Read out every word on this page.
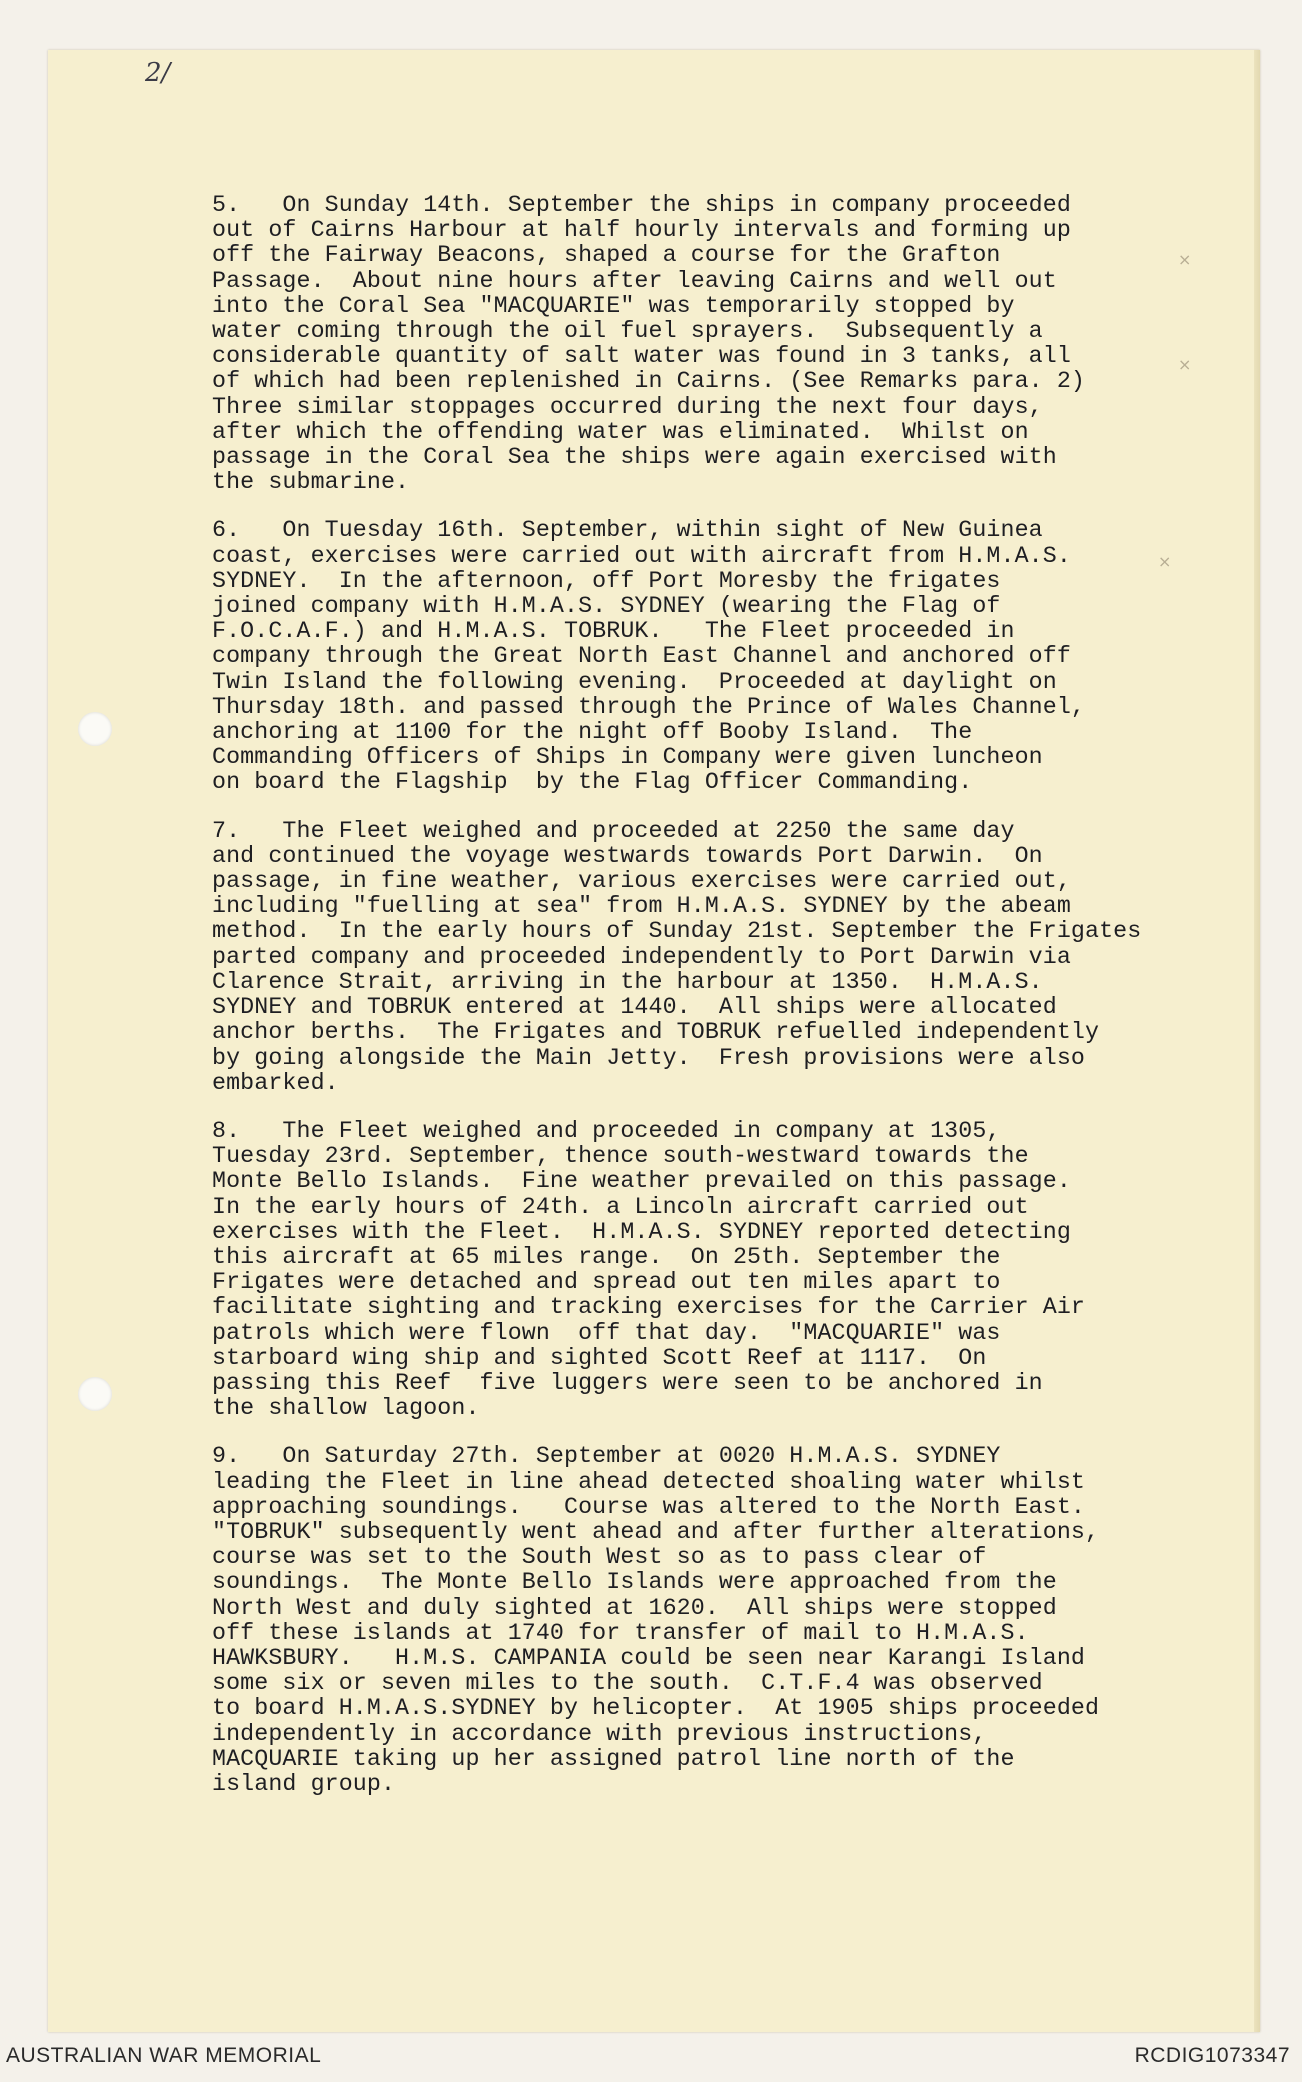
×
×
×
2/
5.   On Sunday 14th. September the ships in company proceeded
out of Cairns Harbour at half hourly intervals and forming up
off the Fairway Beacons, shaped a course for the Grafton
Passage.  About nine hours after leaving Cairns and well out
into the Coral Sea "MACQUARIE" was temporarily stopped by
water coming through the oil fuel sprayers.  Subsequently a
considerable quantity of salt water was found in 3 tanks, all
of which had been replenished in Cairns. (See Remarks para. 2)
Three similar stoppages occurred during the next four days,
after which the offending water was eliminated.  Whilst on
passage in the Coral Sea the ships were again exercised with
the submarine.
6.   On Tuesday 16th. September, within sight of New Guinea
coast, exercises were carried out with aircraft from H.M.A.S.
SYDNEY.  In the afternoon, off Port Moresby the frigates
joined company with H.M.A.S. SYDNEY (wearing the Flag of
F.O.C.A.F.) and H.M.A.S. TOBRUK.   The Fleet proceeded in
company through the Great North East Channel and anchored off
Twin Island the following evening.  Proceeded at daylight on
Thursday 18th. and passed through the Prince of Wales Channel,
anchoring at 1100 for the night off Booby Island.  The
Commanding Officers of Ships in Company were given luncheon
on board the Flagship  by the Flag Officer Commanding.
7.   The Fleet weighed and proceeded at 2250 the same day
and continued the voyage westwards towards Port Darwin.  On
passage, in fine weather, various exercises were carried out,
including "fuelling at sea" from H.M.A.S. SYDNEY by the abeam
method.  In the early hours of Sunday 21st. September the Frigates
parted company and proceeded independently to Port Darwin via
Clarence Strait, arriving in the harbour at 1350.  H.M.A.S.
SYDNEY and TOBRUK entered at 1440.  All ships were allocated
anchor berths.  The Frigates and TOBRUK refuelled independently
by going alongside the Main Jetty.  Fresh provisions were also
embarked.
8.   The Fleet weighed and proceeded in company at 1305,
Tuesday 23rd. September, thence south-westward towards the
Monte Bello Islands.  Fine weather prevailed on this passage.
In the early hours of 24th. a Lincoln aircraft carried out
exercises with the Fleet.  H.M.A.S. SYDNEY reported detecting
this aircraft at 65 miles range.  On 25th. September the
Frigates were detached and spread out ten miles apart to
facilitate sighting and tracking exercises for the Carrier Air
patrols which were flown  off that day.  "MACQUARIE" was
starboard wing ship and sighted Scott Reef at 1117.  On
passing this Reef  five luggers were seen to be anchored in
the shallow lagoon.
9.   On Saturday 27th. September at 0020 H.M.A.S. SYDNEY
leading the Fleet in line ahead detected shoaling water whilst
approaching soundings.   Course was altered to the North East.
"TOBRUK" subsequently went ahead and after further alterations,
course was set to the South West so as to pass clear of
soundings.  The Monte Bello Islands were approached from the
North West and duly sighted at 1620.  All ships were stopped
off these islands at 1740 for transfer of mail to H.M.A.S.
HAWKSBURY.   H.M.S. CAMPANIA could be seen near Karangi Island
some six or seven miles to the south.  C.T.F.4 was observed
to board H.M.A.S.SYDNEY by helicopter.  At 1905 ships proceeded
independently in accordance with previous instructions,
MACQUARIE taking up her assigned patrol line north of the
island group.
AUSTRALIAN WAR MEMORIAL	RCDIG1073347
